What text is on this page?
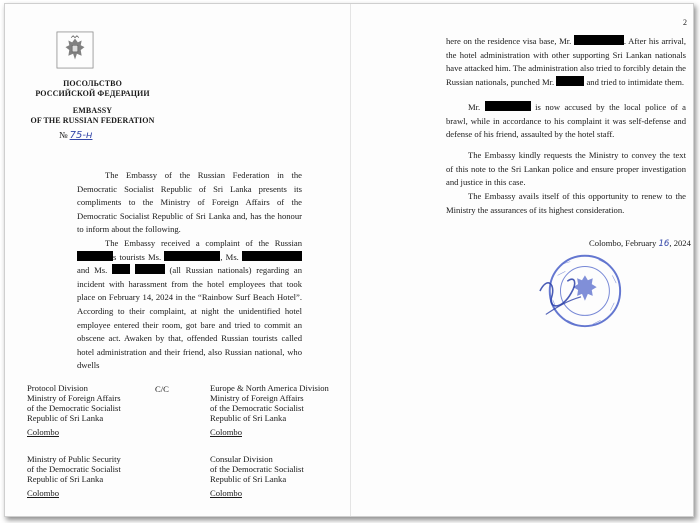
ПОСОЛЬСТВО
РОССИЙСКОЙ ФЕДЕРАЦИИ
EMBASSY
OF THE RUSSIAN FEDERATION
№ 75-н
The Embassy of the Russian Federation in the Democratic Socialist Republic of Sri Lanka presents its compliments to the Ministry of Foreign Affairs of the Democratic Socialist Republic of Sri Lanka and, has the honour to inform about the following.
The Embassy received a complaint of the Russian s tourists Ms.	, Ms.  and Ms.	(all Russian nationals) regarding an incident with harassment from the hotel employees that took place on February 14, 2024 in the “Rainbow Surf Beach Hotel”. According to their complaint, at night the unidentified hotel employee entered their room, got bare and tried to commit an obscene act. Awaken by that, offended Russian tourists called hotel administration and their friend, also Russian national, who dwells
Protocol Division
Ministry of Foreign Affairs
of the Democratic Socialist
Republic of Sri Lanka
Colombo
C/C	Europe & North America Division
Ministry of Foreign Affairs
of the Democratic Socialist
Republic of Sri Lanka
Colombo
Ministry of Public Security
of the Democratic Socialist
Republic of Sri Lanka
Colombo
Consular Division
of the Democratic Socialist
Republic of Sri Lanka
Colombo
2
here on the residence visa base, Mr.	. After his arrival, the hotel administration with other supporting Sri Lankan nationals have attacked him. The administration also tried to forcibly detain the Russian nationals, punched Mr.	and tried to intimidate them.
Mr.	is now accused by the local police of a brawl, while in accordance to his complaint it was self-defense and defense of his friend, assaulted by the hotel staff.
The Embassy kindly requests the Ministry to convey the text of this note to the Sri Lankan police and ensure proper investigation and justice in this case.
The Embassy avails itself of this opportunity to renew to the Ministry the assurances of its highest consideration.
Colombo, February 16, 2024
